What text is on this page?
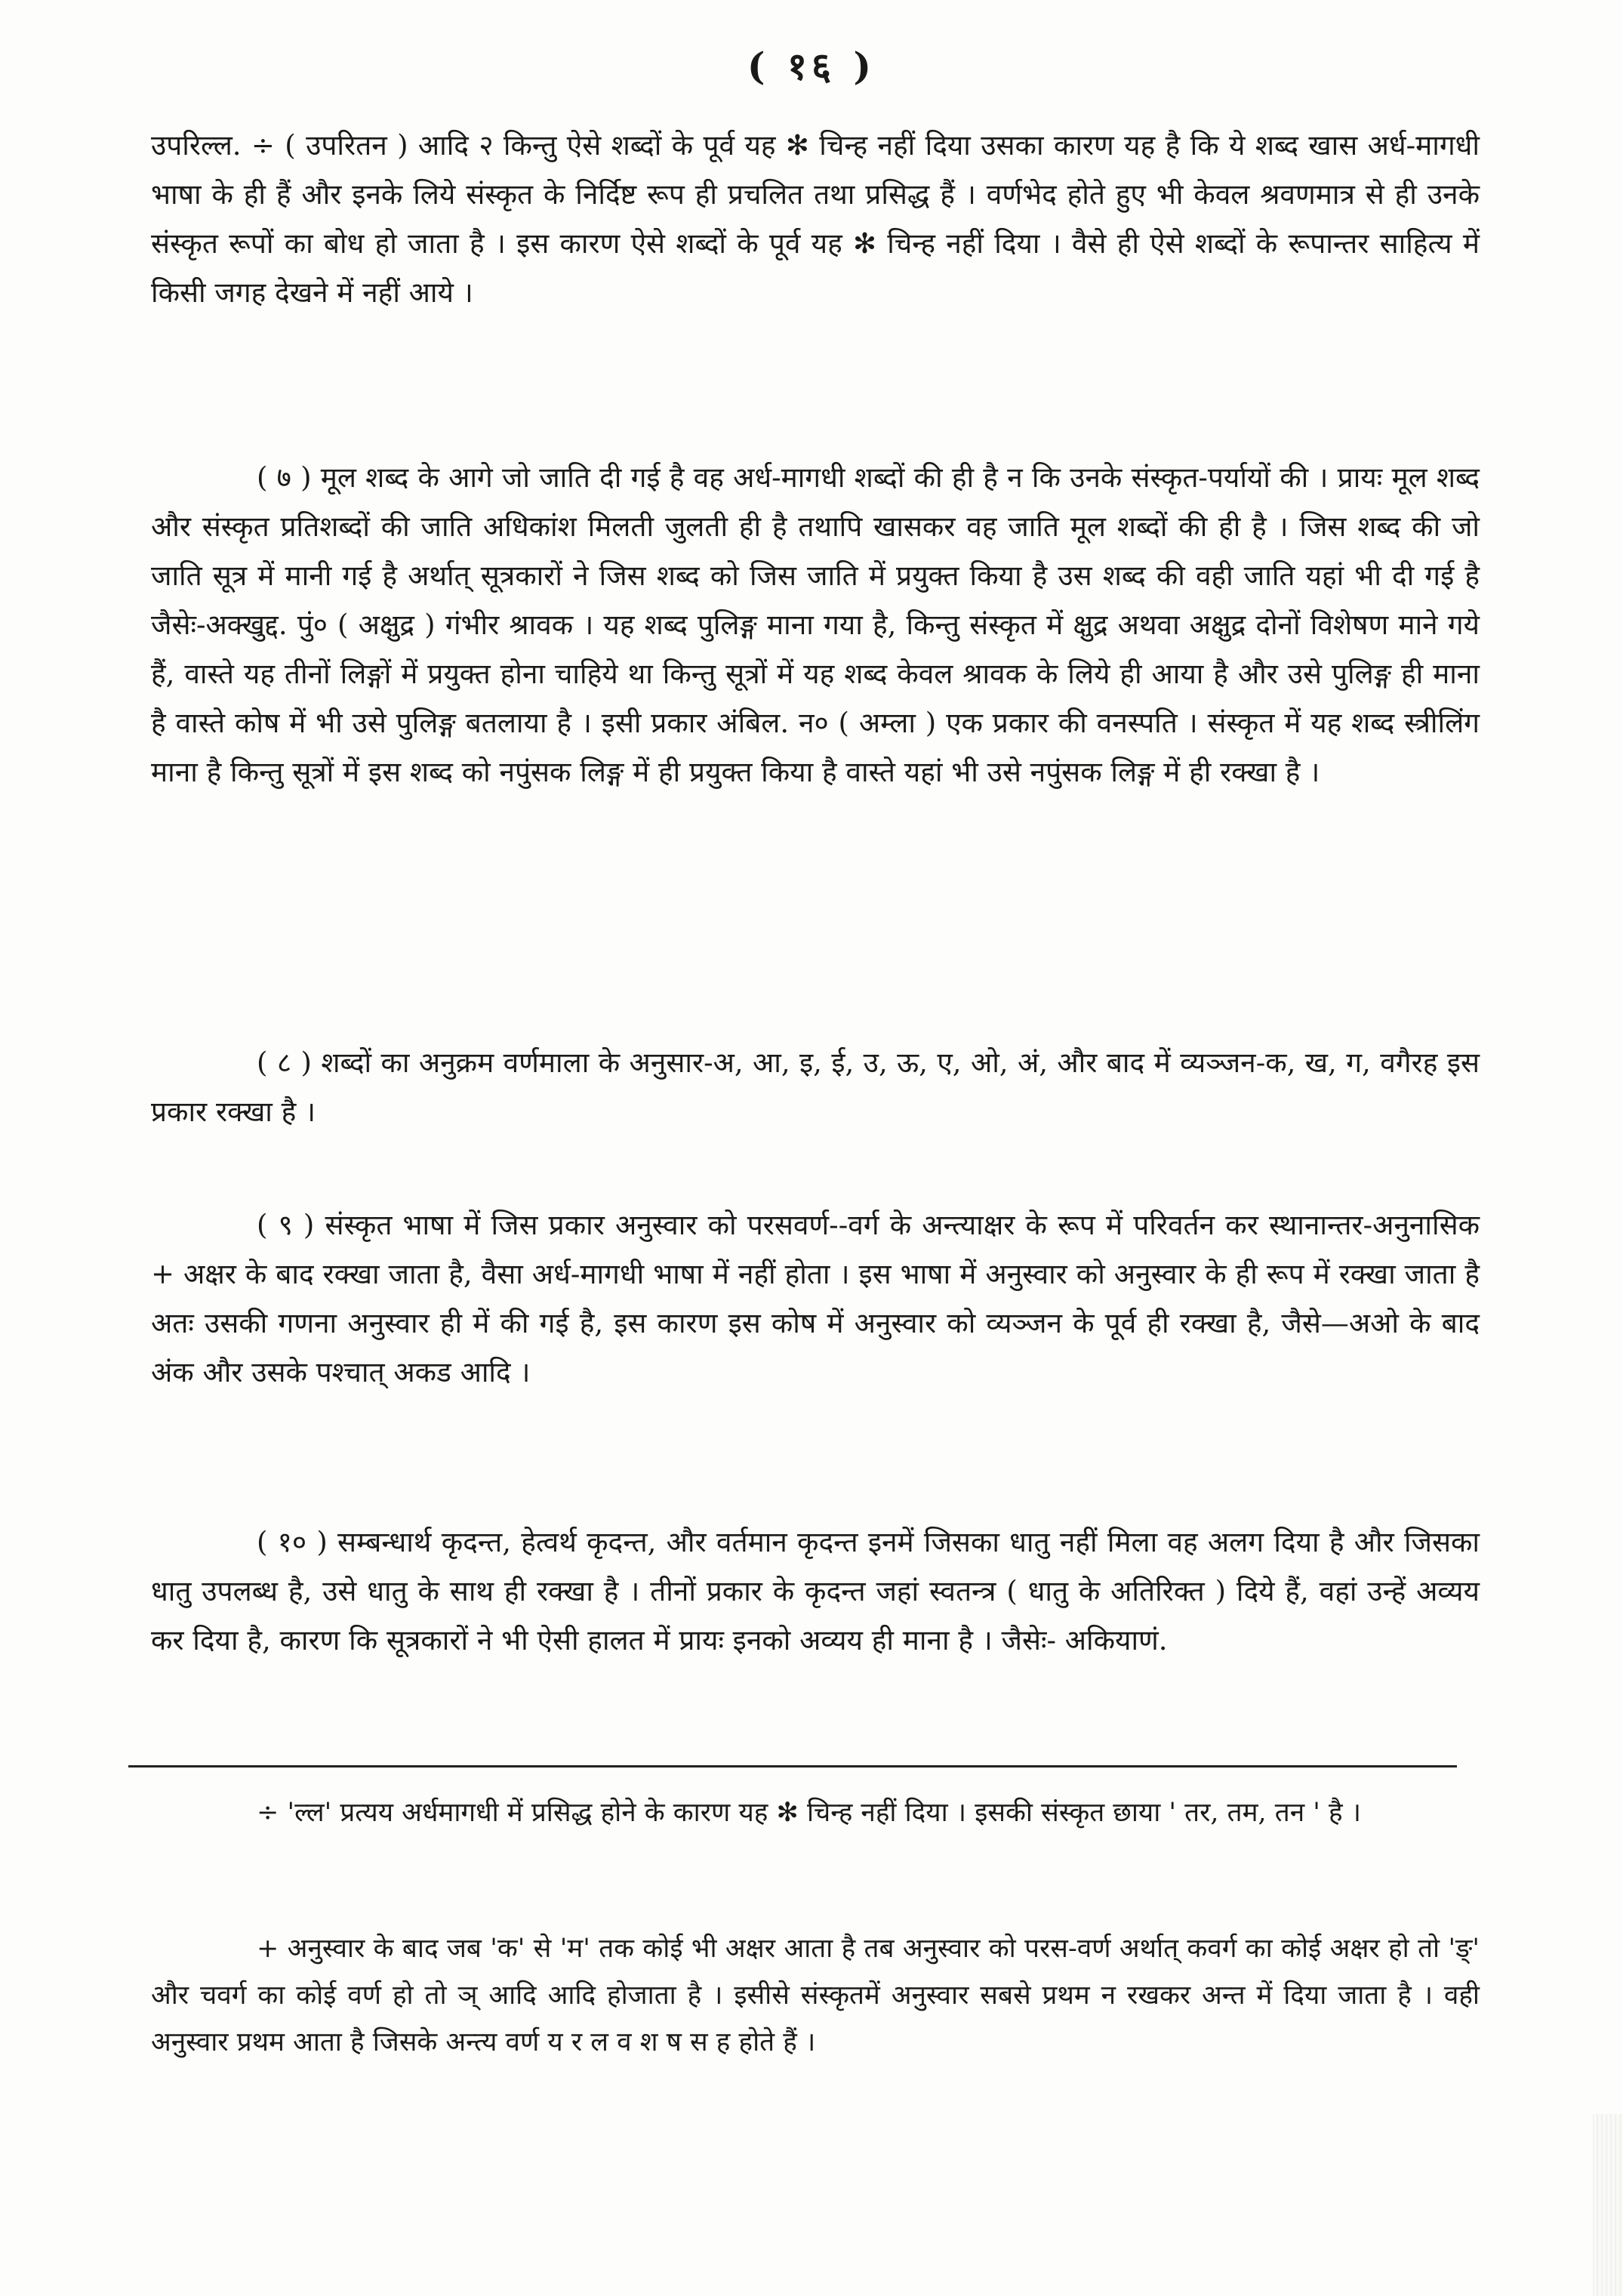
( १६ )

उपरिल्ल. ÷ ( उपरितन ) आदि २ किन्तु ऐसे शब्दों के पूर्व यह ✻ चिन्ह नहीं दिया उसका कारण यह है कि ये शब्द खास अर्ध-मागधी भाषा के ही हैं और इनके लिये संस्कृत के निर्दिष्ट रूप ही प्रचलित तथा प्रसिद्ध हैं । वर्णभेद होते हुए भी केवल श्रवणमात्र से ही उनके संस्कृत रूपों का बोध हो जाता है । इस कारण ऐसे शब्दों के पूर्व यह ✻ चिन्ह नहीं दिया । वैसे ही ऐसे शब्दों के रूपान्तर साहित्य में किसी जगह देखने में नहीं आये ।

( ७ ) मूल शब्द के आगे जो जाति दी गई है वह अर्ध-मागधी शब्दों की ही है न कि उनके संस्कृत-पर्यायों की । प्रायः मूल शब्द और संस्कृत प्रतिशब्दों की जाति अधिकांश मिलती जुलती ही है तथापि खासकर वह जाति मूल शब्दों की ही है । जिस शब्द की जो जाति सूत्र में मानी गई है अर्थात् सूत्रकारों ने जिस शब्द को जिस जाति में प्रयुक्त किया है उस शब्द की वही जाति यहां भी दी गई है जैसेः-अक्खुद्द. पुं० ( अक्षुद्र ) गंभीर श्रावक । यह शब्द पुलिङ्ग माना गया है, किन्तु संस्कृत में क्षुद्र अथवा अक्षुद्र दोनों विशेषण माने गये हैं, वास्ते यह तीनों लिङ्गों में प्रयुक्त होना चाहिये था किन्तु सूत्रों में यह शब्द केवल श्रावक के लिये ही आया है और उसे पुलिङ्ग ही माना है वास्ते कोष में भी उसे पुलिङ्ग बतलाया है । इसी प्रकार अंबिल. न० ( अम्ला ) एक प्रकार की वनस्पति । संस्कृत में यह शब्द स्त्रीलिंग माना है किन्तु सूत्रों में इस शब्द को नपुंसक लिङ्ग में ही प्रयुक्त किया है वास्ते यहां भी उसे नपुंसक लिङ्ग में ही रक्खा है ।

( ८ ) शब्दों का अनुक्रम वर्णमाला के अनुसार-अ, आ, इ, ई, उ, ऊ, ए, ओ, अं, और बाद में व्यञ्जन-क, ख, ग, वगैरह इस प्रकार रक्खा है ।

( ९ ) संस्कृत भाषा में जिस प्रकार अनुस्वार को परसवर्ण--वर्ग के अन्त्याक्षर के रूप में परिवर्तन कर स्थानान्तर-अनुनासिक + अक्षर के बाद रक्खा जाता है, वैसा अर्ध-मागधी भाषा में नहीं होता । इस भाषा में अनुस्वार को अनुस्वार के ही रूप में रक्खा जाता है अतः उसकी गणना अनुस्वार ही में की गई है, इस कारण इस कोष में अनुस्वार को व्यञ्जन के पूर्व ही रक्खा है, जैसे—अओ के बाद अंक और उसके पश्चात् अकड आदि ।

( १० ) सम्बन्धार्थ कृदन्त, हेत्वर्थ कृदन्त, और वर्तमान कृदन्त इनमें जिसका धातु नहीं मिला वह अलग दिया है और जिसका धातु उपलब्ध है, उसे धातु के साथ ही रक्खा है । तीनों प्रकार के कृदन्त जहां स्वतन्त्र ( धातु के अतिरिक्त ) दिये हैं, वहां उन्हें अव्यय कर दिया है, कारण कि सूत्रकारों ने भी ऐसी हालत में प्रायः इनको अव्यय ही माना है । जैसेः- अकियाणं.

÷ 'ल्ल' प्रत्यय अर्धमागधी में प्रसिद्ध होने के कारण यह ✻ चिन्ह नहीं दिया । इसकी संस्कृत छाया ' तर, तम, तन ' है ।

+ अनुस्वार के बाद जब 'क' से 'म' तक कोई भी अक्षर आता है तब अनुस्वार को परस-वर्ण अर्थात् कवर्ग का कोई अक्षर हो तो 'ङ्' और चवर्ग का कोई वर्ण हो तो ञ् आदि आदि होजाता है । इसीसे संस्कृतमें अनुस्वार सबसे प्रथम न रखकर अन्त में दिया जाता है । वही अनुस्वार प्रथम आता है जिसके अन्त्य वर्ण य र ल व श ष स ह होते हैं ।
